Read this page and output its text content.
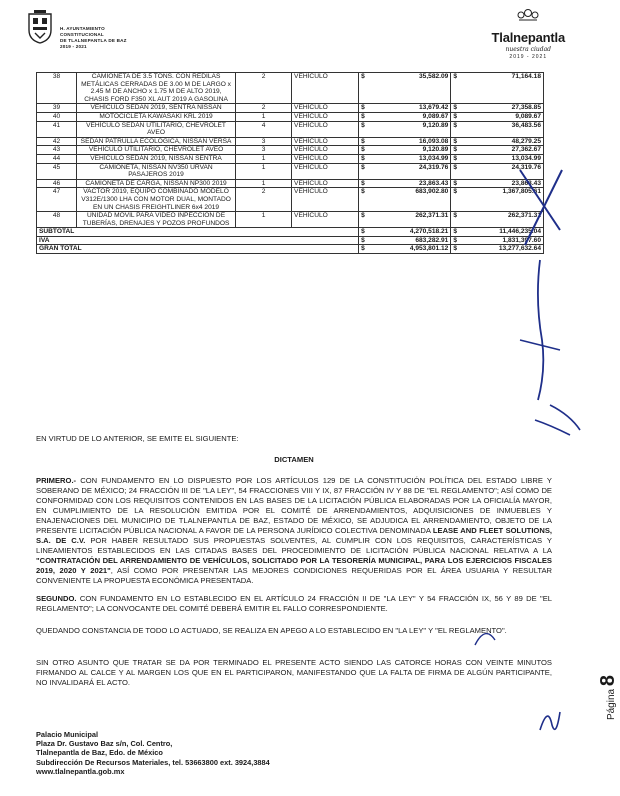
H. AYUNTAMIENTO
CONSTITUCIONAL
DE TLALNEPANTLA DE BAZ
2019 - 2021
Tlalnepantla
nuestra ciudad
2019 - 2021
38	CAMIONETA DE 3.5 TONS. CON REDILAS METÁLICAS CERRADAS DE 3.00 M DE LARGO x 2.45 M DE ANCHO x 1.75 M DE ALTO 2019, CHASIS FORD F350 XL AUT 2019 A GASOLINA	2	VEHÍCULO	$ 35,582.09	$ 71,164.18

39	VEHÍCULO SEDAN 2019, SENTRA NISSAN	2	VEHÍCULO	$ 13,679.42	$ 27,358.85

40	MOTOCICLETA KAWASAKI KRL 2019	1	VEHÍCULO	$ 9,089.67	$ 9,089.67

41	VEHÍCULO SEDÁN UTILITARIO, CHEVROLET AVEO	4	VEHÍCULO	$ 9,120.89	$ 36,483.56

42	SEDAN PATRULLA ECOLÓGICA, NISSAN VERSA	3	VEHÍCULO	$ 16,093.08	$ 48,279.25

43	VEHÍCULO UTILITARIO, CHEVROLET AVEO	3	VEHÍCULO	$ 9,120.89	$ 27,362.67

44	VEHÍCULO SEDÁN 2019, NISSAN SENTRA	1	VEHÍCULO	$ 13,034.99	$ 13,034.99

45	CAMIONETA, NISSAN NV350 URVAN PASAJEROS 2019	1	VEHÍCULO	$ 24,319.76	$ 24,319.76

46	CAMIONETA DE CARGA, NISSAN NP300 2019	1	VEHÍCULO	$ 23,863.43	$ 23,863.43

47	VACTOR 2019, EQUIPO COMBINADO MODELO V312E/1300 LHA CON MOTOR DUAL, MONTADO EN UN CHASIS FREIGHTLINER 6x4 2019	2	VEHÍCULO	$ 683,902.80	$ 1,367,805.61

48	UNIDAD MOVIL PARA VIDEO INPECCIÓN DE TUBERÍAS, DRENAJES Y POZOS PROFUNDOS	1	VEHÍCULO	$ 262,371.31	$ 262,371.31

SUBTOTAL				$ 4,270,518.21	$ 11,446,235.04

IVA				$ 683,282.91	$ 1,831,397.60

GRAN TOTAL				$ 4,953,801.12	$ 13,277,632.64
EN VIRTUD DE LO ANTERIOR, SE EMITE EL SIGUIENTE:
DICTAMEN
PRIMERO.- CON FUNDAMENTO EN LO DISPUESTO POR LOS ARTÍCULOS 129 DE LA CONSTITUCIÓN POLÍTICA DEL ESTADO LIBRE Y SOBERANO DE MÉXICO; 24 FRACCIÓN III DE "LA LEY", 54 FRACCIONES VIII Y IX, 87 FRACCIÓN IV Y 88 DE "EL REGLAMENTO"; ASÍ COMO DE CONFORMIDAD CON LOS REQUISITOS CONTENIDOS EN LAS BASES DE LA LICITACIÓN PÚBLICA ELABORADAS POR LA OFICIALÍA MAYOR, EN CUMPLIMIENTO DE LA RESOLUCIÓN EMITIDA POR EL COMITÉ DE ARRENDAMIENTOS, ADQUISICIONES DE INMUEBLES Y ENAJENACIONES DEL MUNICIPIO DE TLALNEPANTLA DE BAZ, ESTADO DE MÉXICO, SE ADJUDICA EL ARRENDAMIENTO, OBJETO DE LA PRESENTE LICITACIÓN PÚBLICA NACIONAL A FAVOR DE LA PERSONA JURÍDICO COLECTIVA DENOMINADA LEASE AND FLEET SOLUTIONS, S.A. DE C.V. POR HABER RESULTADO SUS PROPUESTAS SOLVENTES, AL CUMPLIR CON LOS REQUISITOS, CARACTERÍSTICAS Y LINEAMIENTOS ESTABLECIDOS EN LAS CITADAS BASES DEL PROCEDIMIENTO DE LICITACIÓN PÚBLICA NACIONAL RELATIVA A LA "CONTRATACIÓN DEL ARRENDAMIENTO DE VEHÍCULOS, SOLICITADO POR LA TESORERÍA MUNICIPAL, PARA LOS EJERCICIOS FISCALES 2019, 2020 Y 2021", ASÍ COMO POR PRESENTAR LAS MEJORES CONDICIONES REQUERIDAS POR EL ÁREA USUARIA Y RESULTAR CONVENIENTE LA PROPUESTA ECONÓMICA PRESENTADA.
SEGUNDO. CON FUNDAMENTO EN LO ESTABLECIDO EN EL ARTÍCULO 24 FRACCIÓN II DE "LA LEY" Y 54 FRACCIÓN IX, 56 Y 89 DE "EL REGLAMENTO"; LA CONVOCANTE DEL COMITÉ DEBERÁ EMITIR EL FALLO CORRESPONDIENTE.
QUEDANDO CONSTANCIA DE TODO LO ACTUADO, SE REALIZA EN APEGO A LO ESTABLECIDO EN "LA LEY" Y "EL REGLAMENTO".
SIN OTRO ASUNTO QUE TRATAR SE DA POR TERMINADO EL PRESENTE ACTO SIENDO LAS CATORCE HORAS CON VEINTE MINUTOS FIRMANDO AL CALCE Y AL MARGEN LOS QUE EN EL PARTICIPARON, MANIFESTANDO QUE LA FALTA DE FIRMA DE ALGÚN PARTICIPANTE, NO INVALIDARÁ EL ACTO.
Palacio Municipal
Plaza Dr. Gustavo Baz s/n, Col. Centro,
Tlalnepantla de Baz, Edo. de México
Subdirección De Recursos Materiales, tel. 53663800 ext. 3924,3884
www.tlalnepantla.gob.mx
Página 8
